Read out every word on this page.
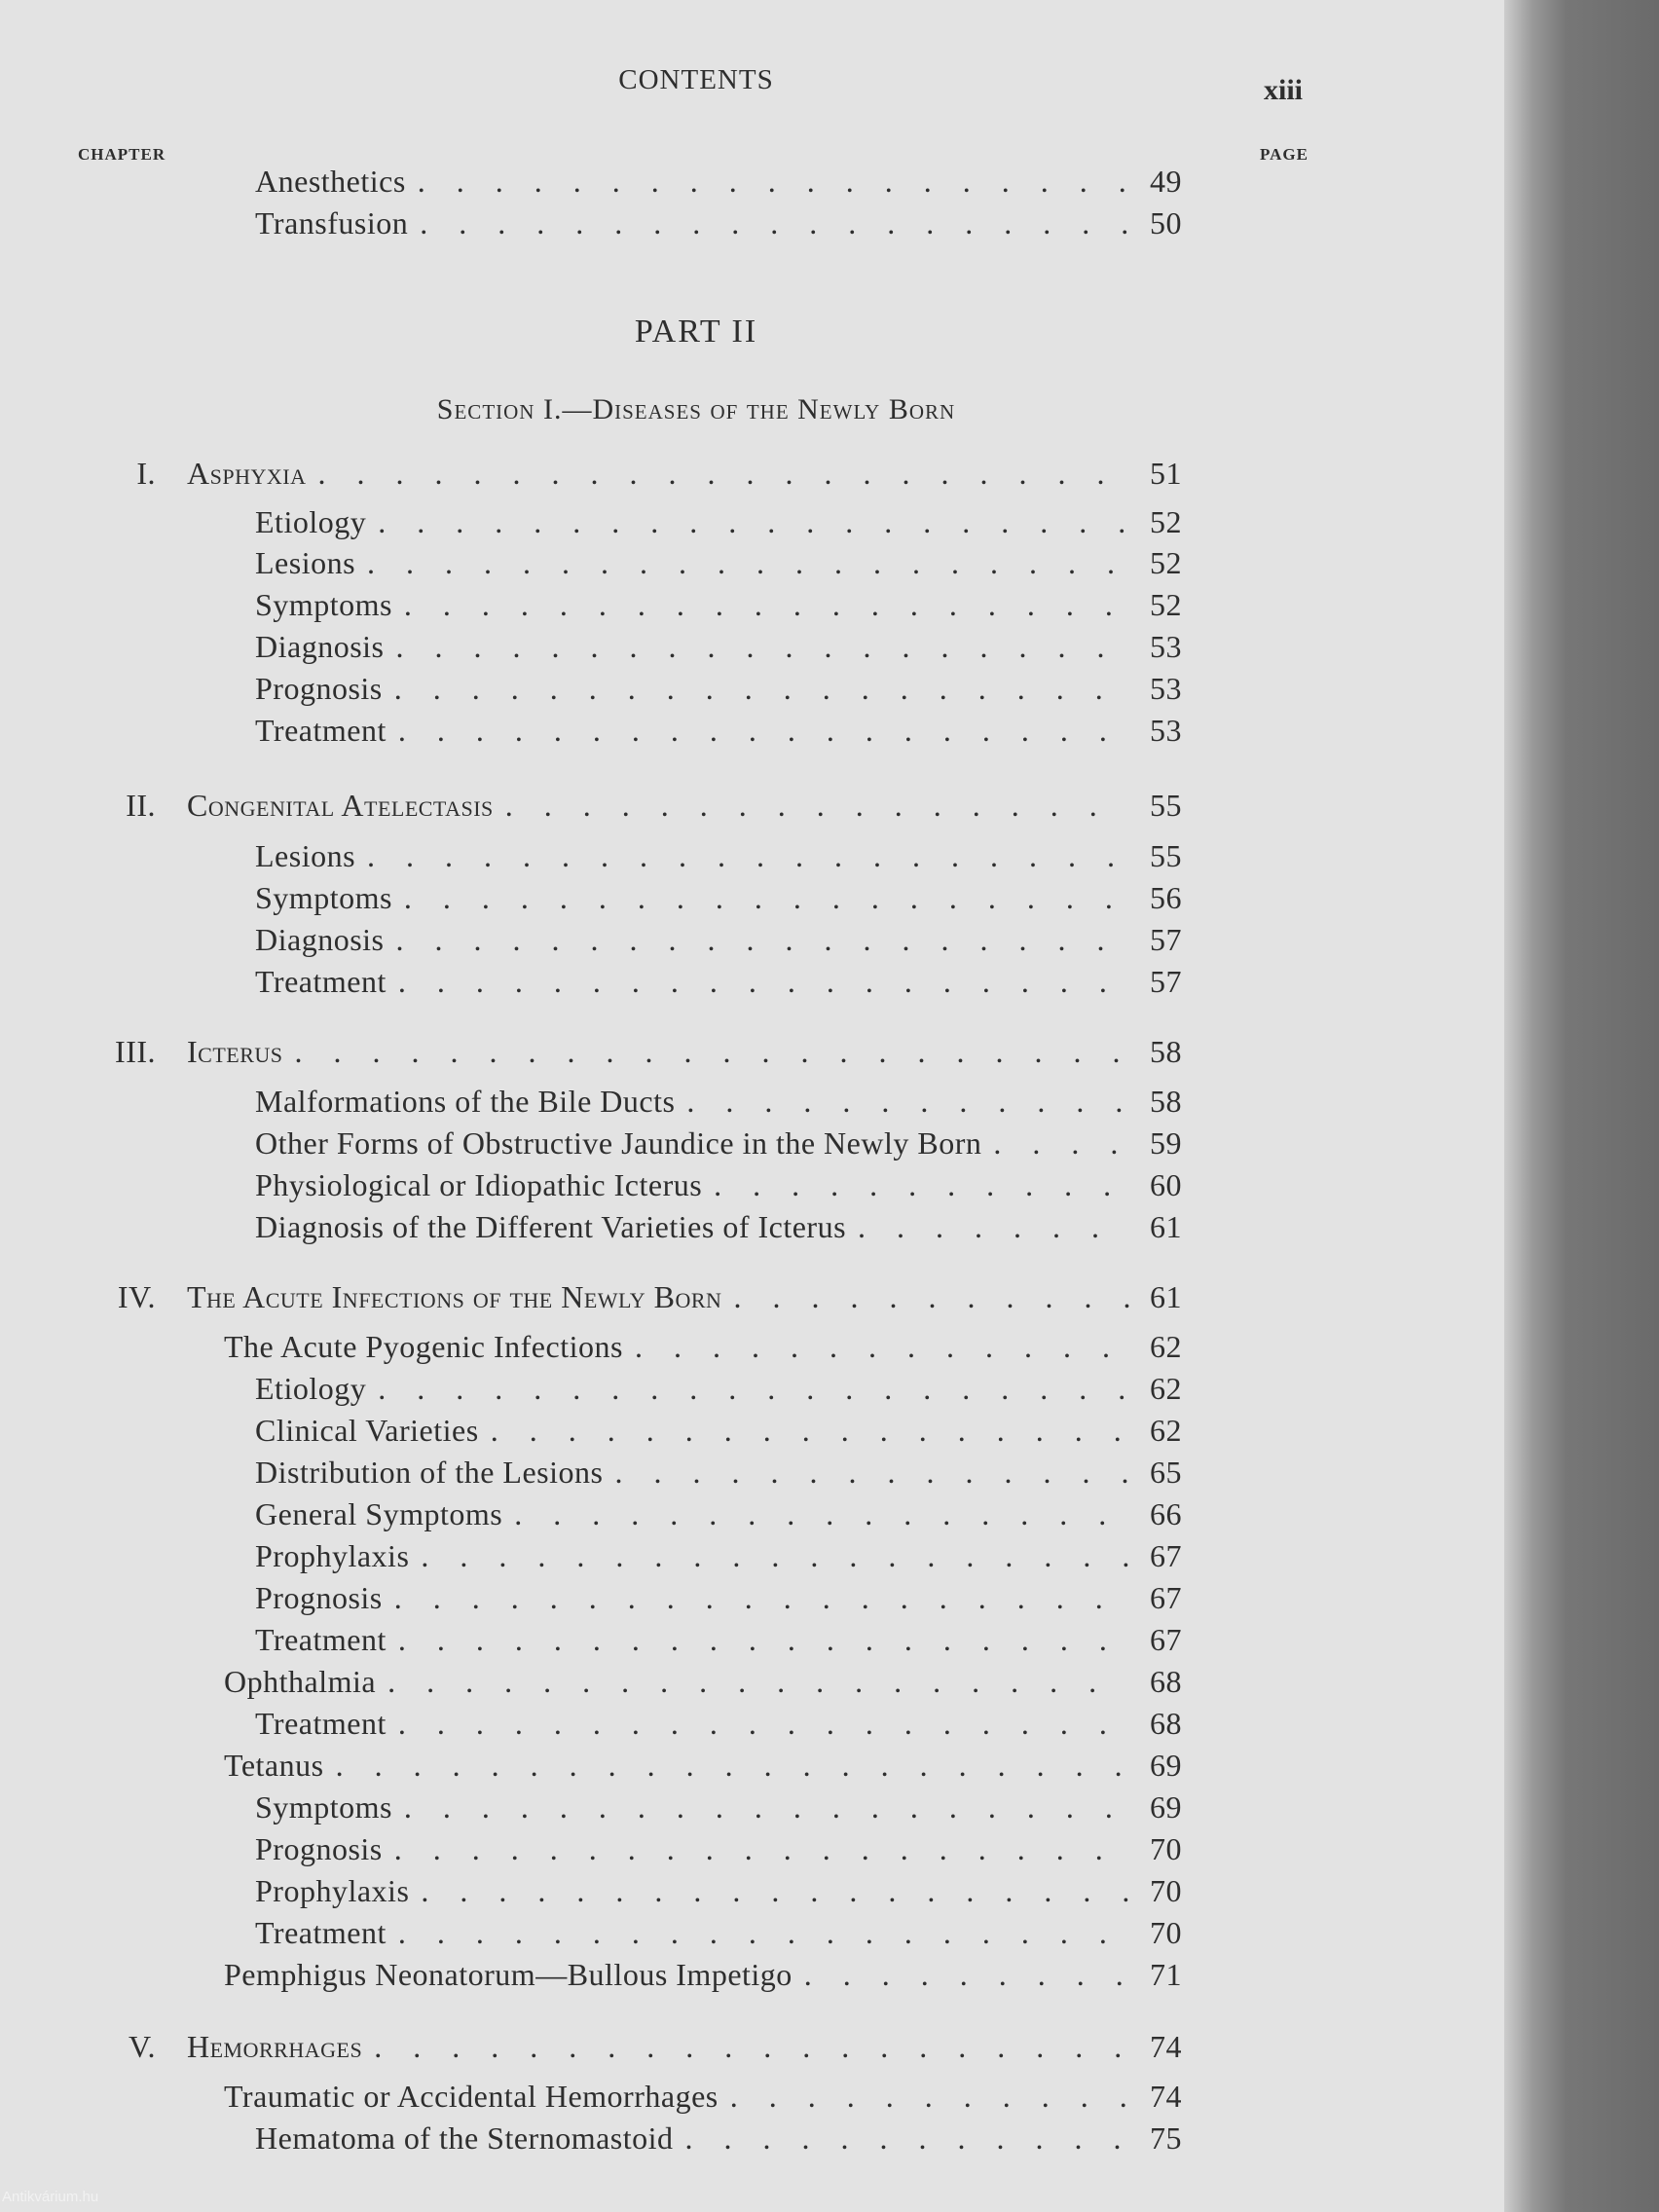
CONTENTS	xiii
CHAPTER	PAGE
PART II
Section I.—Diseases of the Newly Born
Anesthetics . . .	49
Transfusion . . .	50
I. Asphyxia . . .	51
Etiology . . .	52
Lesions . . .	52
Symptoms . . .	52
Diagnosis . . .	53
Prognosis . . .	53
Treatment . . .	53
II. Congenital Atelectasis . . .	55
Lesions . . .	55
Symptoms . . .	56
Diagnosis . . .	57
Treatment . . .	57
III. Icterus . . .	58
Malformations of the Bile Ducts . . .	58
Other Forms of Obstructive Jaundice in the Newly Born . . .	59
Physiological or Idiopathic Icterus . . .	60
Diagnosis of the Different Varieties of Icterus . . .	61
IV. The Acute Infections of the Newly Born . . .	61
The Acute Pyogenic Infections . . .	62
Etiology . . .	62
Clinical Varieties . . .	62
Distribution of the Lesions . . .	65
General Symptoms . . .	66
Prophylaxis . . .	67
Prognosis . . .	67
Treatment . . .	67
Ophthalmia . . .	68
Treatment . . .	68
Tetanus . . .	69
Symptoms . . .	69
Prognosis . . .	70
Prophylaxis . . .	70
Treatment . . .	70
Pemphigus Neonatorum—Bullous Impetigo . . .	71
V. Hemorrhages . . .	74
Traumatic or Accidental Hemorrhages . . .	74
Hematoma of the Sternomastoid . . .	75
Antikvárium.hu
